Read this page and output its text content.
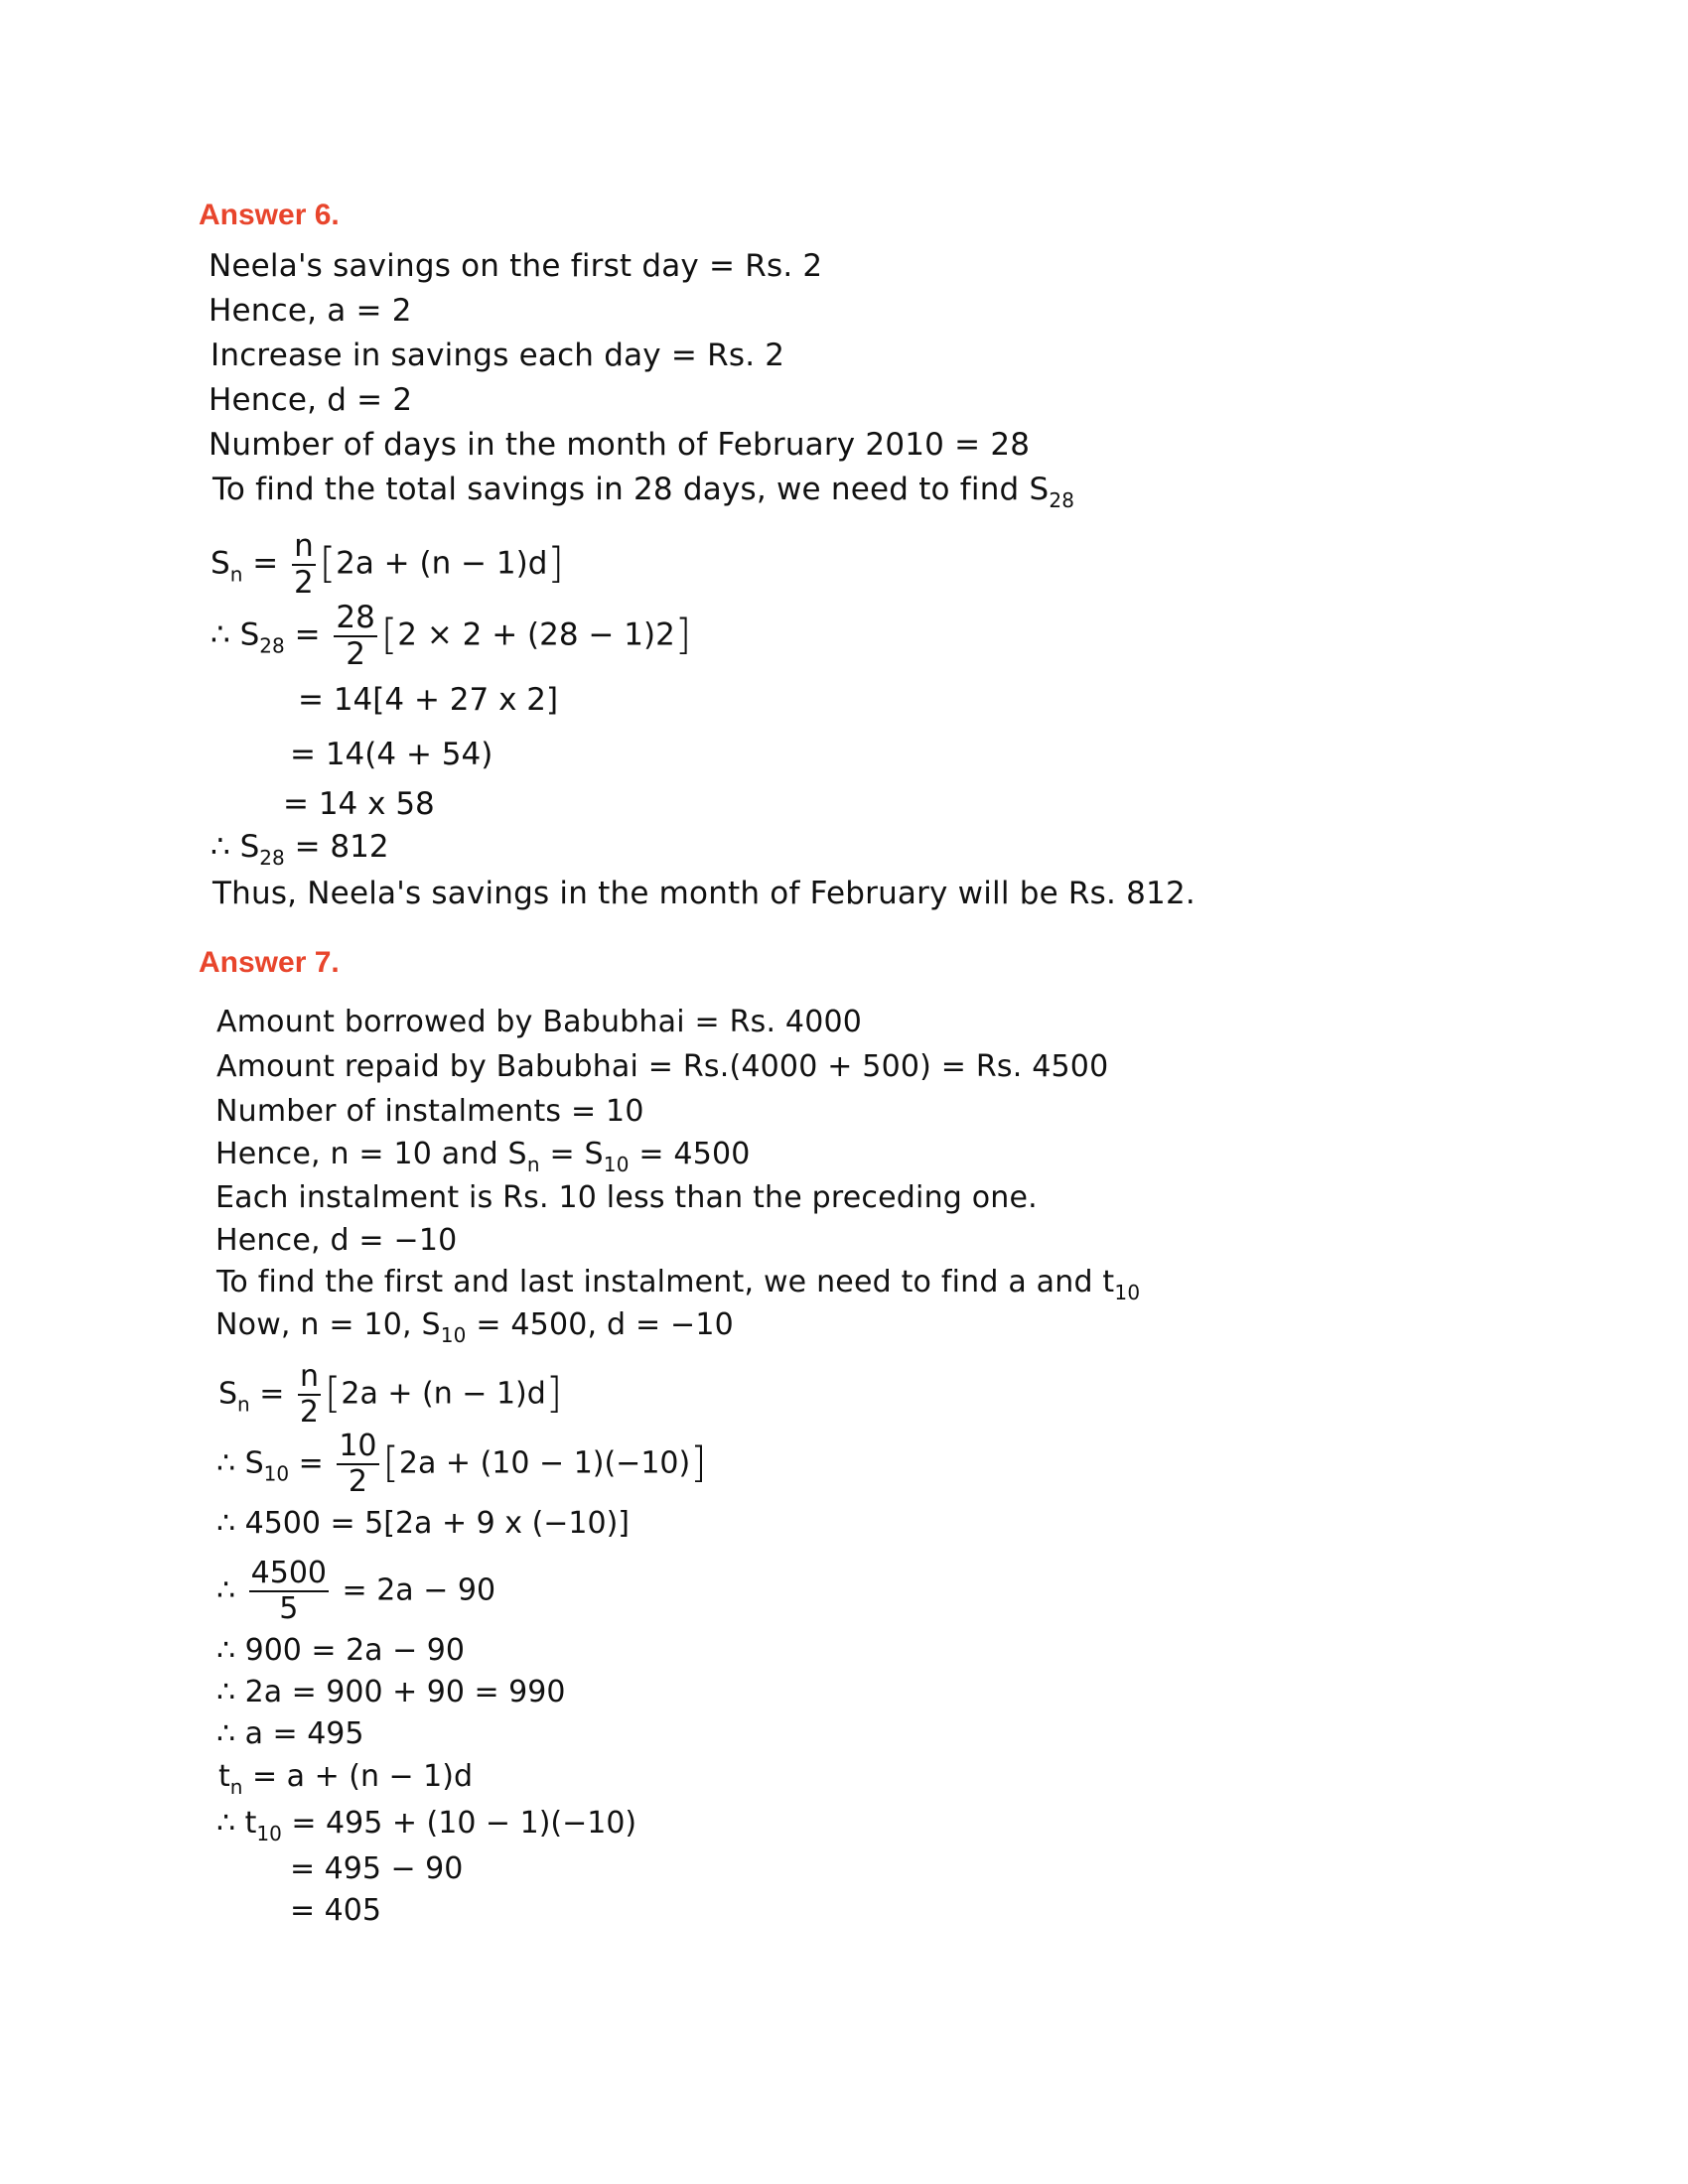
Answer 6.
Neela's savings on the first day = Rs. 2
Hence, a = 2
Increase in savings each day = Rs. 2
Hence, d = 2
Number of days in the month of February 2010 = 28
To find the total savings in 28 days, we need to find $S_{28}$
$S_n = \frac{n}{2} [2a + (n - 1)d]$
∴ $S_{28} = \frac{28}{2} [2 \times 2 + (28 - 1)2]$
= 14[4 + 27 x 2]
= 14(4 + 54)
= 14 x 58
∴ $S_{28} = 812$
Thus, Neela's savings in the month of February will be Rs. 812.
Answer 7.
Amount borrowed by Babubhai = Rs. 4000
Amount repaid by Babubhai = Rs.(4000 + 500) = Rs. 4500
Number of instalments = 10
Hence, n = 10 and $S_n = S_{10} = 4500$
Each instalment is Rs. 10 less than the preceding one.
Hence, d = −10
To find the first and last instalment, we need to find a and $t_{10}$
Now, n = 10, $S_{10} = 4500$, d = −10
$S_n = \frac{n}{2} [2a + (n - 1)d]$
∴ $S_{10} = \frac{10}{2} [2a + (10 - 1)(-10)]$
∴ 4500 = 5[2a + 9 x (−10)]
∴ $\frac{4500}{5} = 2a - 90$
∴ 900 = 2a − 90
∴ 2a = 900 + 90 = 990
∴ a = 495
$t_n = a + (n - 1)d$
∴ $t_{10} = 495 + (10 - 1)(-10)$
= 495 − 90
= 405
